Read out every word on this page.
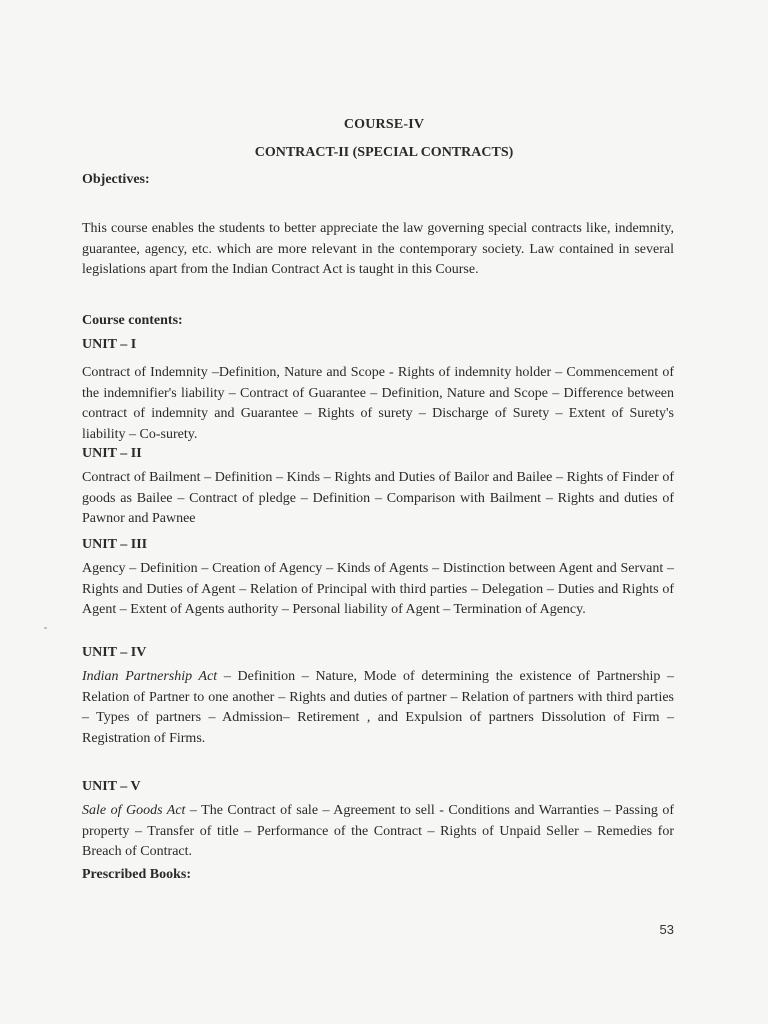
COURSE-IV
CONTRACT-II (SPECIAL CONTRACTS)
Objectives:
This course enables the students to better appreciate the law governing special contracts like, indemnity, guarantee, agency, etc. which are more relevant in the contemporary society. Law contained in several legislations apart from the Indian Contract Act is taught in this Course.
Course contents:
UNIT – I
Contract of Indemnity –Definition, Nature and Scope - Rights of indemnity holder – Commencement of the indemnifier's liability – Contract of Guarantee – Definition, Nature and Scope – Difference between contract of indemnity and Guarantee – Rights of surety – Discharge of Surety – Extent of Surety's liability – Co-surety.
UNIT – II
Contract of Bailment – Definition – Kinds – Rights and Duties of Bailor and Bailee – Rights of Finder of goods as Bailee – Contract of pledge – Definition – Comparison with Bailment – Rights and duties of Pawnor and Pawnee
UNIT – III
Agency – Definition – Creation of Agency – Kinds of Agents – Distinction between Agent and Servant – Rights and Duties of Agent – Relation of Principal with third parties – Delegation – Duties and Rights of Agent – Extent of Agents authority – Personal liability of Agent – Termination of Agency.
UNIT – IV
Indian Partnership Act – Definition – Nature, Mode of determining the existence of Partnership – Relation of Partner to one another – Rights and duties of partner – Relation of partners with third parties – Types of partners – Admission– Retirement , and Expulsion of partners Dissolution of Firm – Registration of Firms.
UNIT – V
Sale of Goods Act – The Contract of sale – Agreement to sell - Conditions and Warranties – Passing of property – Transfer of title – Performance of the Contract – Rights of Unpaid Seller – Remedies for Breach of Contract.
Prescribed Books:
53
